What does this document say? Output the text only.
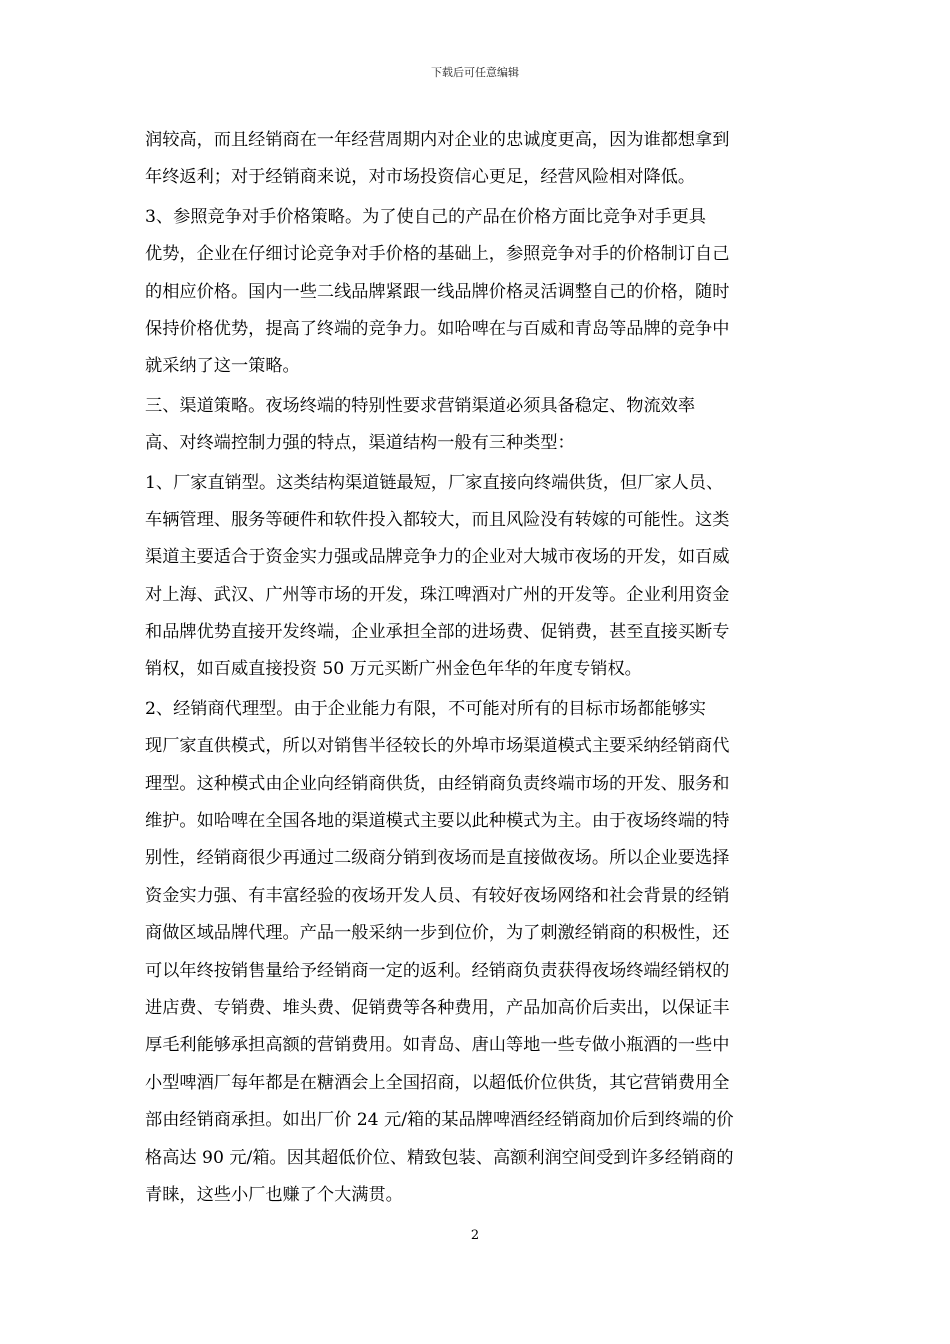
下载后可任意编辑
润较高，而且经销商在一年经营周期内对企业的忠诚度更高，因为谁都想拿到
年终返利；对于经销商来说，对市场投资信心更足，经营风险相对降低。
3、参照竞争对手价格策略。为了使自己的产品在价格方面比竞争对手更具
优势，企业在仔细讨论竞争对手价格的基础上，参照竞争对手的价格制订自己
的相应价格。国内一些二线品牌紧跟一线品牌价格灵活调整自己的价格，随时
保持价格优势，提高了终端的竞争力。如哈啤在与百威和青岛等品牌的竞争中
就采纳了这一策略。
三、渠道策略。夜场终端的特别性要求营销渠道必须具备稳定、物流效率
高、对终端控制力强的特点，渠道结构一般有三种类型：
1、厂家直销型。这类结构渠道链最短，厂家直接向终端供货，但厂家人员、
车辆管理、服务等硬件和软件投入都较大，而且风险没有转嫁的可能性。这类
渠道主要适合于资金实力强或品牌竞争力的企业对大城市夜场的开发，如百威
对上海、武汉、广州等市场的开发，珠江啤酒对广州的开发等。企业利用资金
和品牌优势直接开发终端，企业承担全部的进场费、促销费，甚至直接买断专
销权，如百威直接投资 50 万元买断广州金色年华的年度专销权。
2、经销商代理型。由于企业能力有限，不可能对所有的目标市场都能够实
现厂家直供模式，所以对销售半径较长的外埠市场渠道模式主要采纳经销商代
理型。这种模式由企业向经销商供货，由经销商负责终端市场的开发、服务和
维护。如哈啤在全国各地的渠道模式主要以此种模式为主。由于夜场终端的特
别性，经销商很少再通过二级商分销到夜场而是直接做夜场。所以企业要选择
资金实力强、有丰富经验的夜场开发人员、有较好夜场网络和社会背景的经销
商做区域品牌代理。产品一般采纳一步到位价，为了刺激经销商的积极性，还
可以年终按销售量给予经销商一定的返利。经销商负责获得夜场终端经销权的
进店费、专销费、堆头费、促销费等各种费用，产品加高价后卖出，以保证丰
厚毛利能够承担高额的营销费用。如青岛、唐山等地一些专做小瓶酒的一些中
小型啤酒厂每年都是在糖酒会上全国招商，以超低价位供货，其它营销费用全
部由经销商承担。如出厂价 24 元/箱的某品牌啤酒经经销商加价后到终端的价
格高达 90 元/箱。因其超低价位、精致包装、高额利润空间受到许多经销商的
青睐，这些小厂也赚了个大满贯。
2
